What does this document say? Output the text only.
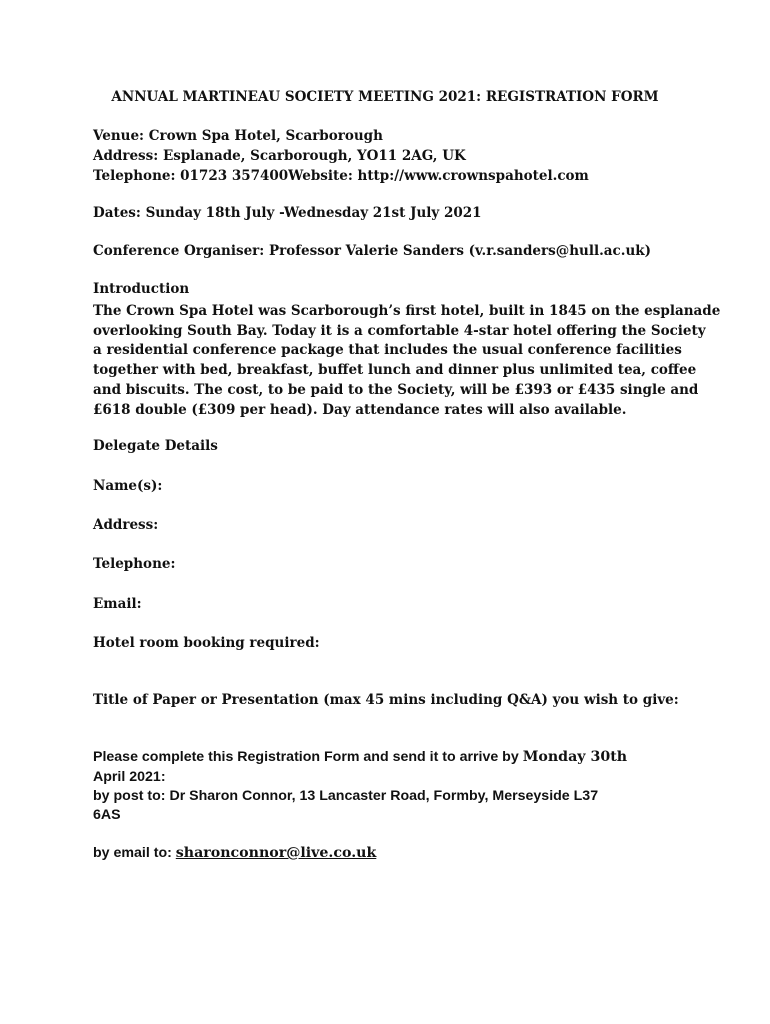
ANNUAL MARTINEAU SOCIETY MEETING 2021: REGISTRATION FORM
Venue: Crown Spa Hotel, Scarborough
Address: Esplanade, Scarborough, YO11 2AG, UK
Telephone: 01723 357400Website: http://www.crownspahotel.com
Dates: Sunday 18th July -Wednesday 21st July 2021
Conference Organiser: Professor Valerie Sanders (v.r.sanders@hull.ac.uk)
Introduction
The Crown Spa Hotel was Scarborough’s first hotel, built in 1845 on the esplanade
overlooking South Bay. Today it is a comfortable 4-star hotel offering the Society
a residential conference package that includes the usual conference facilities
together with bed, breakfast, buffet lunch and dinner plus unlimited tea, coffee
and biscuits. The cost, to be paid to the Society, will be £393 or £435 single and
£618 double (£309 per head). Day attendance rates will also available.
Delegate Details
Name(s):
Address:
Telephone:
Email:
Hotel room booking required:
Title of Paper or Presentation (max 45 mins including Q&A) you wish to give:
Please complete this Registration Form and send it to arrive by Monday 30th
April 2021:
by post to: Dr Sharon Connor, 13 Lancaster Road, Formby, Merseyside L37
6AS
by email to: sharonconnor@live.co.uk
